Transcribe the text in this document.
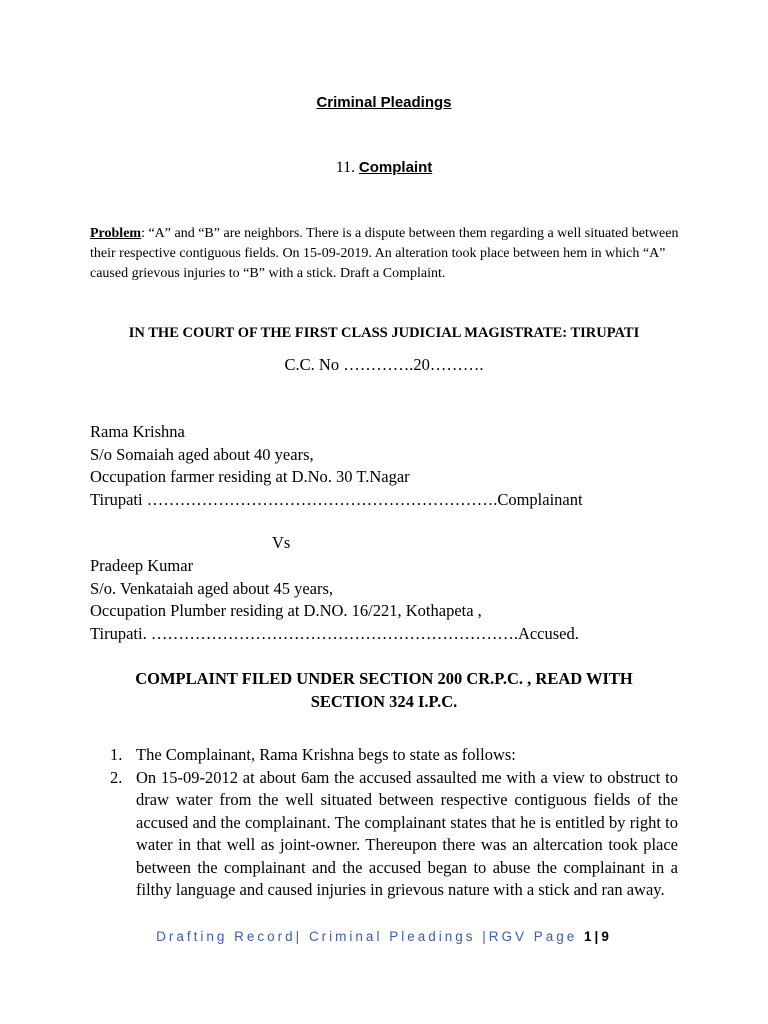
Criminal Pleadings
11. Complaint
Problem: “A” and “B” are neighbors. There is a dispute between them regarding a well situated between their respective contiguous fields. On 15-09-2019. An alteration took place between hem in which “A” caused grievous injuries to “B” with a stick. Draft a Complaint.
IN THE COURT OF THE FIRST CLASS JUDICIAL MAGISTRATE: TIRUPATI
C.C. No ………….20……….
Rama Krishna
S/o Somaiah aged about 40 years,
Occupation farmer residing at D.No. 30 T.Nagar
Tirupati ……………………………………………………….Complainant
Vs
Pradeep Kumar
S/o. Venkataiah aged about 45 years,
Occupation Plumber residing at D.NO. 16/221, Kothapeta ,
Tirupati. ………………………………………………………….Accused.
COMPLAINT FILED UNDER SECTION 200 CR.P.C. , READ WITH
SECTION 324 I.P.C.
1. The Complainant, Rama Krishna begs to state as follows:
2. On 15-09-2012 at about 6am the accused assaulted me with a view to obstruct to draw water from the well situated between respective contiguous fields of the accused and the complainant. The complainant states that he is entitled by right to water in that well as joint-owner. Thereupon there was an altercation took place between the complainant and the accused began to abuse the complainant in a filthy language and caused injuries in grievous nature with a stick and ran away.
Drafting Record| Criminal Pleadings |RGV Page 1|9
